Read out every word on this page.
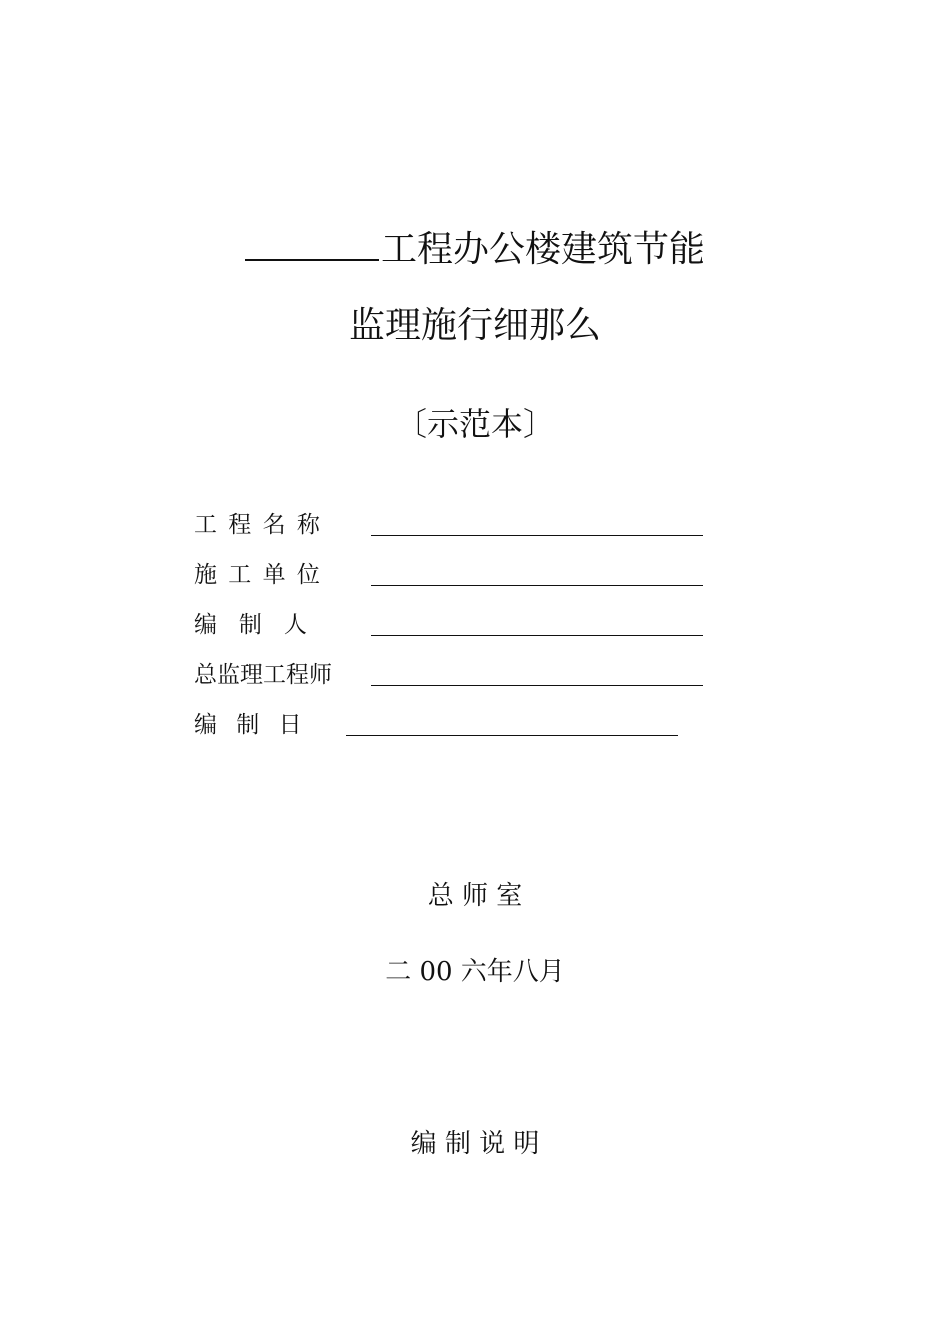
工程办公楼建筑节能
监理施行细那么
〔示范本〕
工 程 名 称
施 工 单 位
编   制   人
总监理工程师
编 制 日
总 师 室
二 00 六年八月
编 制 说 明
